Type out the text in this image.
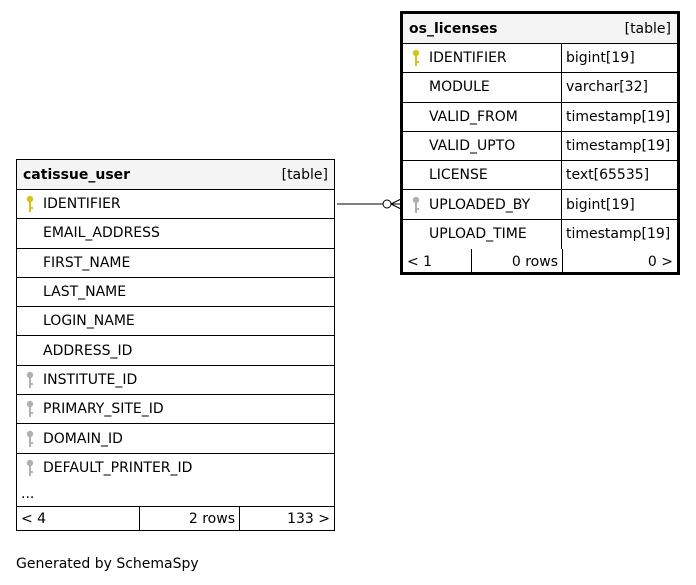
catissue_user	[table]
IDENTIFIER
EMAIL_ADDRESS
FIRST_NAME
LAST_NAME
LOGIN_NAME
ADDRESS_ID
INSTITUTE_ID
PRIMARY_SITE_ID
DOMAIN_ID
DEFAULT_PRINTER_ID
...
< 4	2 rows	133 >
os_licenses	[table]
IDENTIFIER	bigint[19]
MODULE	varchar[32]
VALID_FROM	timestamp[19]
VALID_UPTO	timestamp[19]
LICENSE	text[65535]
UPLOADED_BY	bigint[19]
UPLOAD_TIME	timestamp[19]
< 1	0 rows	0 >
Generated by SchemaSpy
